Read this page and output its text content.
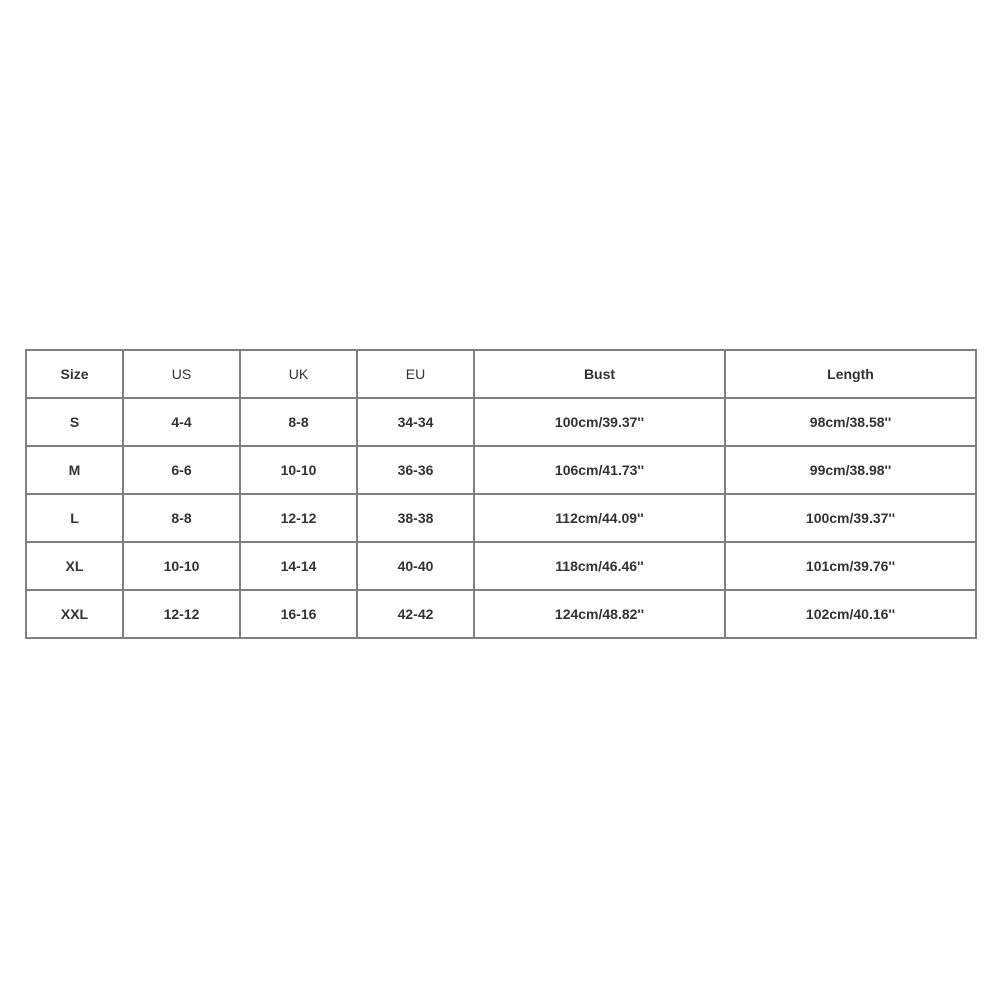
Size	US	UK	EU	Bust	Length
S	4-4	8-8	34-34	100cm/39.37''	98cm/38.58''
M	6-6	10-10	36-36	106cm/41.73''	99cm/38.98''
L	8-8	12-12	38-38	112cm/44.09''	100cm/39.37''
XL	10-10	14-14	40-40	118cm/46.46''	101cm/39.76''
XXL	12-12	16-16	42-42	124cm/48.82''	102cm/40.16''
